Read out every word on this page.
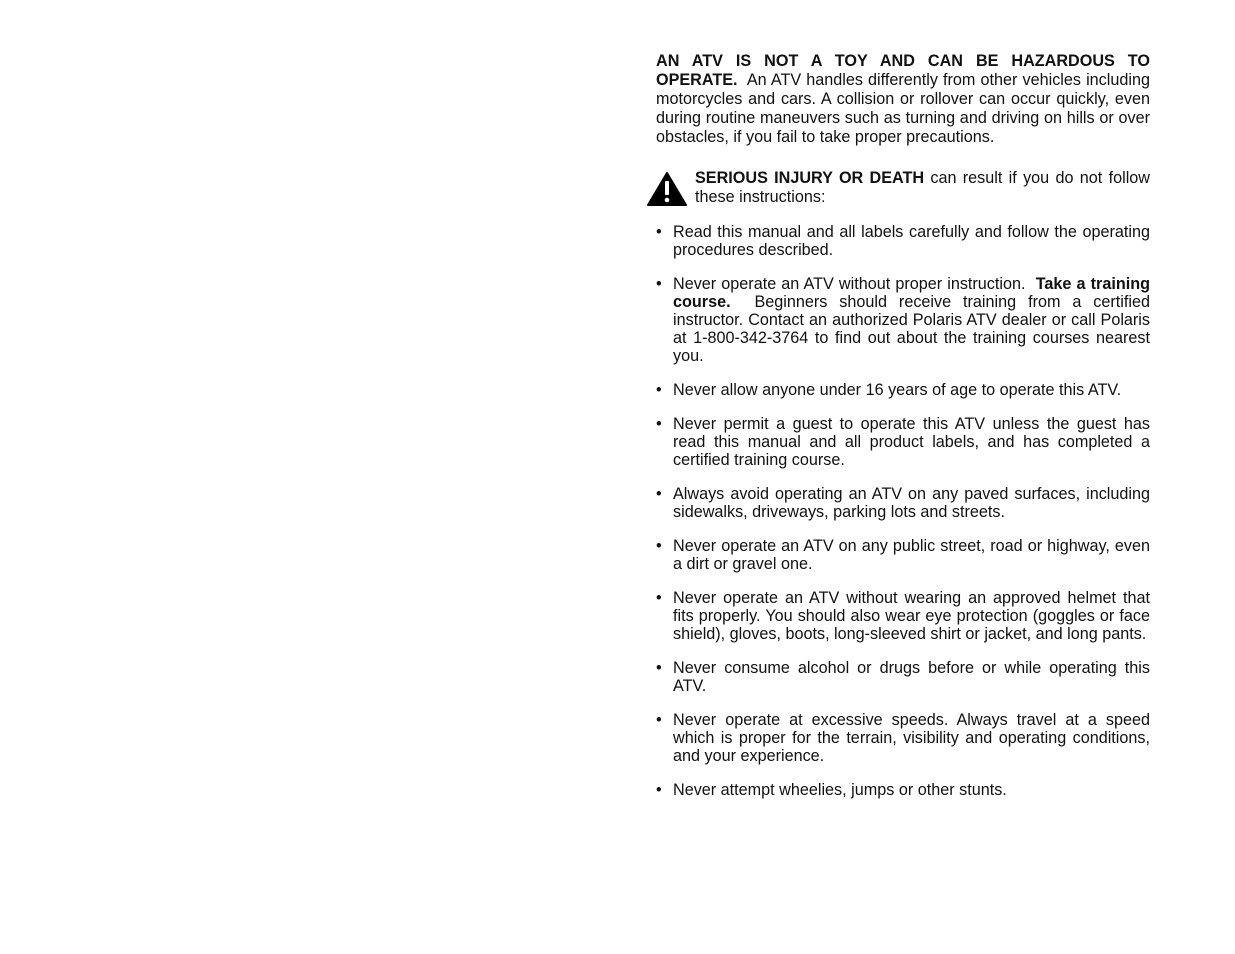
AN ATV IS NOT A TOY AND CAN BE HAZARDOUS TO OPERATE. An ATV handles differently from other vehicles including motorcycles and cars. A collision or rollover can occur quickly, even during routine maneuvers such as turning and driving on hills or over obstacles, if you fail to take proper precautions.

SERIOUS INJURY OR DEATH can result if you do not follow these instructions:
• Read this manual and all labels carefully and follow the operating procedures described.
• Never operate an ATV without proper instruction. Take a training course. Beginners should receive training from a certified instructor. Contact an authorized Polaris ATV dealer or call Polaris at 1-800-342-3764 to find out about the training courses nearest you.
• Never allow anyone under 16 years of age to operate this ATV.
• Never permit a guest to operate this ATV unless the guest has read this manual and all product labels, and has completed a certified training course.
• Always avoid operating an ATV on any paved surfaces, including sidewalks, driveways, parking lots and streets.
• Never operate an ATV on any public street, road or highway, even a dirt or gravel one.
• Never operate an ATV without wearing an approved helmet that fits properly. You should also wear eye protection (goggles or face shield), gloves, boots, long-sleeved shirt or jacket, and long pants.
• Never consume alcohol or drugs before or while operating this ATV.
• Never operate at excessive speeds. Always travel at a speed which is proper for the terrain, visibility and operating conditions, and your experience.
• Never attempt wheelies, jumps or other stunts.
